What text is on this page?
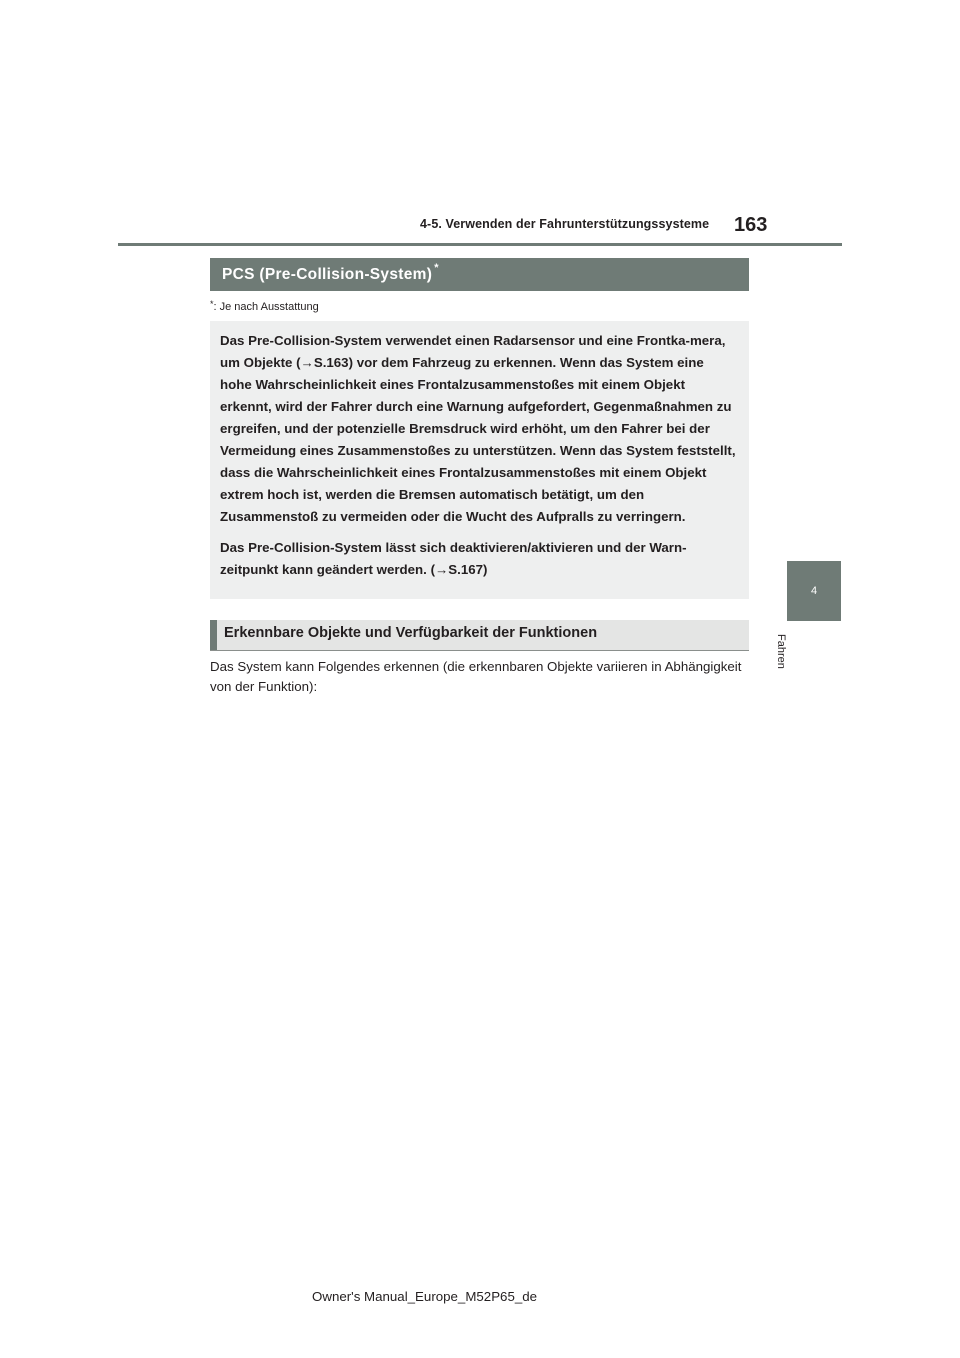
4-5. Verwenden der Fahrunterstützungssysteme 163
4
Fahren
PCS (Pre-Collision-System) *
*: Je nach Ausstattung

Das Pre-Collision-System verwendet einen Radarsensor und eine Frontka-mera, um Objekte (→S.163) vor dem Fahrzeug zu erkennen. Wenn das System eine hohe Wahrscheinlichkeit eines Frontalzusammenstoßes mit einem Objekt erkennt, wird der Fahrer durch eine Warnung aufgefordert, Gegenmaßnahmen zu ergreifen, und der potenzielle Bremsdruck wird erhöht, um den Fahrer bei der Vermeidung eines Zusammenstoßes zu unterstützen. Wenn das System feststellt, dass die Wahrscheinlichkeit eines Frontalzusammenstoßes mit einem Objekt extrem hoch ist, werden die Bremsen automatisch betätigt, um den Zusammenstoß zu vermeiden oder die Wucht des Aufpralls zu verringern.

Das Pre-Collision-System lässt sich deaktivieren/aktivieren und der Warn-zeitpunkt kann geändert werden. (→S.167)

Erkennbare Objekte und Verfügbarkeit der Funktionen
Das System kann Folgendes erkennen (die erkennbaren Objekte variieren in Abhängigkeit von der Funktion):
Owner's Manual_Europe_M52P65_de
